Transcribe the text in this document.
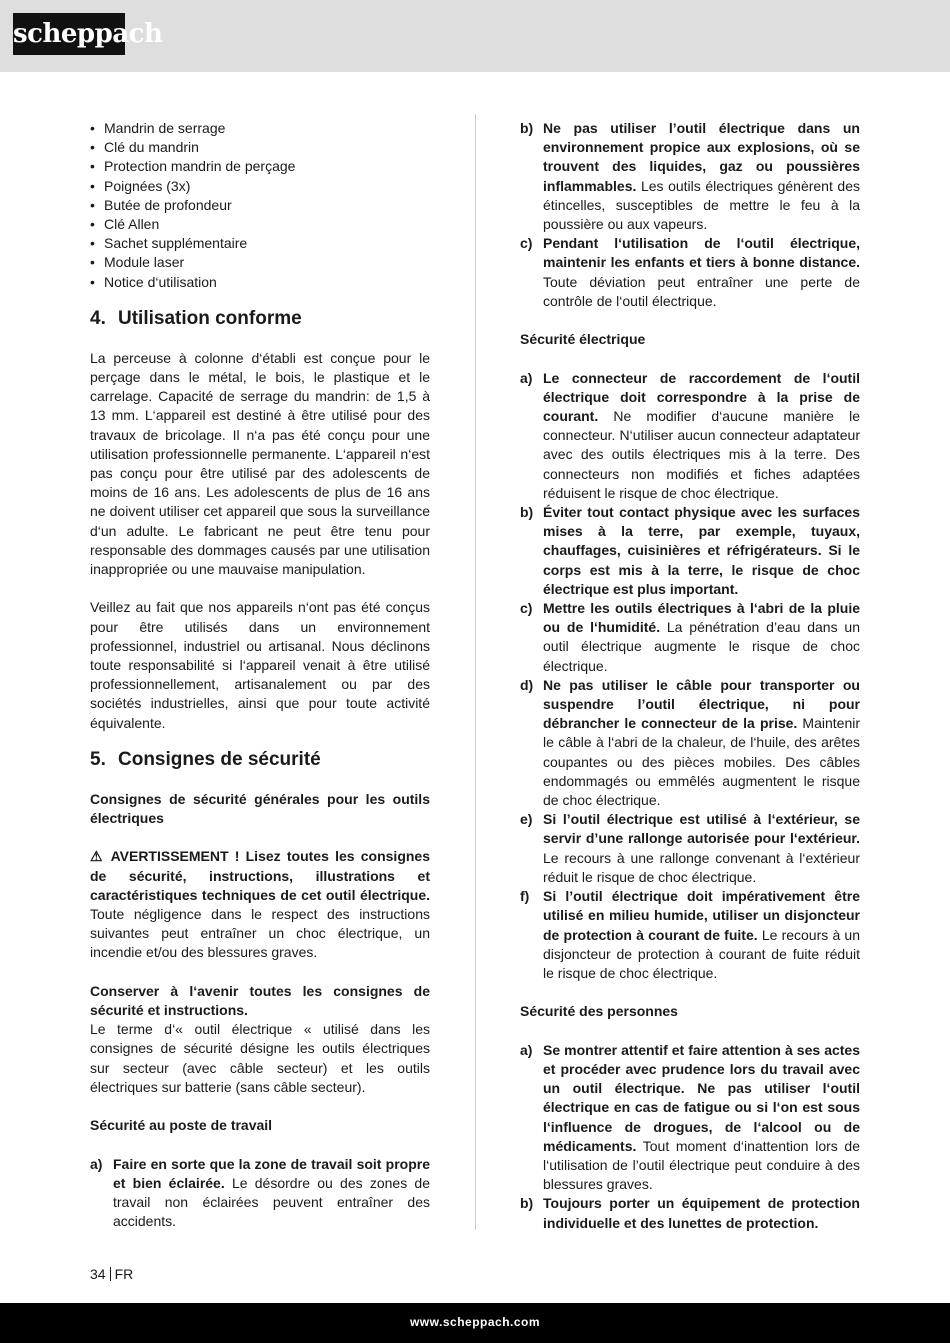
scheppach
• Mandrin de serrage
• Clé du mandrin
• Protection mandrin de perçage
• Poignées (3x)
• Butée de profondeur
• Clé Allen
• Sachet supplémentaire
• Module laser
• Notice d‘utilisation
4. Utilisation conforme

La perceuse à colonne d‘établi est conçue pour le perçage dans le métal, le bois, le plastique et le carrelage. Capacité de serrage du mandrin: de 1,5 à 13 mm. L‘appareil est destiné à être utilisé pour des travaux de bricolage. Il n‘a pas été conçu pour une utilisation professionnelle permanente. L‘appareil n‘est pas conçu pour être utilisé par des adolescents de moins de 16 ans. Les adolescents de plus de 16 ans ne doivent utiliser cet appareil que sous la surveillance d‘un adulte. Le fabricant ne peut être tenu pour responsable des dommages causés par une utilisation inappropriée ou une mauvaise manipulation.

Veillez au fait que nos appareils n‘ont pas été conçus pour être utilisés dans un environnement professionnel, industriel ou artisanal. Nous déclinons toute responsabilité si l‘appareil venait à être utilisé professionnellement, artisanalement ou par des sociétés industrielles, ainsi que pour toute activité équivalente.

5. Consignes de sécurité

Consignes de sécurité générales pour les outils électriques

⚠ AVERTISSEMENT ! Lisez toutes les consignes de sécurité, instructions, illustrations et caractéristiques techniques de cet outil électrique. Toute négligence dans le respect des instructions suivantes peut entraîner un choc électrique, un incendie et/ou des blessures graves.

Conserver à l‘avenir toutes les consignes de sécurité et instructions.

Le terme d‘« outil électrique « utilisé dans les consignes de sécurité désigne les outils électriques sur secteur (avec câble secteur) et les outils électriques sur batterie (sans câble secteur).

Sécurité au poste de travail

a) Faire en sorte que la zone de travail soit propre et bien éclairée. Le désordre ou des zones de travail non éclairées peuvent entraîner des accidents.
b) Ne pas utiliser l’outil électrique dans un environnement propice aux explosions, où se trouvent des liquides, gaz ou poussières inflammables. Les outils électriques génèrent des étincelles, susceptibles de mettre le feu à la poussière ou aux vapeurs.
c) Pendant l‘utilisation de l‘outil électrique, maintenir les enfants et tiers à bonne distance. Toute déviation peut entraîner une perte de contrôle de l‘outil électrique.

Sécurité électrique

a) Le connecteur de raccordement de l‘outil électrique doit correspondre à la prise de courant. Ne modifier d‘aucune manière le connecteur. N‘utiliser aucun connecteur adaptateur avec des outils électriques mis à la terre. Des connecteurs non modifiés et fiches adaptées réduisent le risque de choc électrique.
b) Éviter tout contact physique avec les surfaces mises à la terre, par exemple, tuyaux, chauffages, cuisinières et réfrigérateurs. Si le corps est mis à la terre, le risque de choc électrique est plus important.
c) Mettre les outils électriques à l‘abri de la pluie ou de l‘humidité. La pénétration d’eau dans un outil électrique augmente le risque de choc électrique.
d) Ne pas utiliser le câble pour transporter ou suspendre l’outil électrique, ni pour débrancher le connecteur de la prise. Maintenir le câble à l‘abri de la chaleur, de l‘huile, des arêtes coupantes ou des pièces mobiles. Des câbles endommagés ou emmêlés augmentent le risque de choc électrique.
e) Si l’outil électrique est utilisé à l‘extérieur, se servir d’une rallonge autorisée pour l‘extérieur. Le recours à une rallonge convenant à l‘extérieur réduit le risque de choc électrique.
f) Si l’outil électrique doit impérativement être utilisé en milieu humide, utiliser un disjoncteur de protection à courant de fuite. Le recours à un disjoncteur de protection à courant de fuite réduit le risque de choc électrique.

Sécurité des personnes

a) Se montrer attentif et faire attention à ses actes et procéder avec prudence lors du travail avec un outil électrique. Ne pas utiliser l‘outil électrique en cas de fatigue ou si l‘on est sous l‘influence de drogues, de l‘alcool ou de médicaments. Tout moment d‘inattention lors de l‘utilisation de l’outil électrique peut conduire à des blessures graves.
b) Toujours porter un équipement de protection individuelle et des lunettes de protection.
34 FR
www.scheppach.com
